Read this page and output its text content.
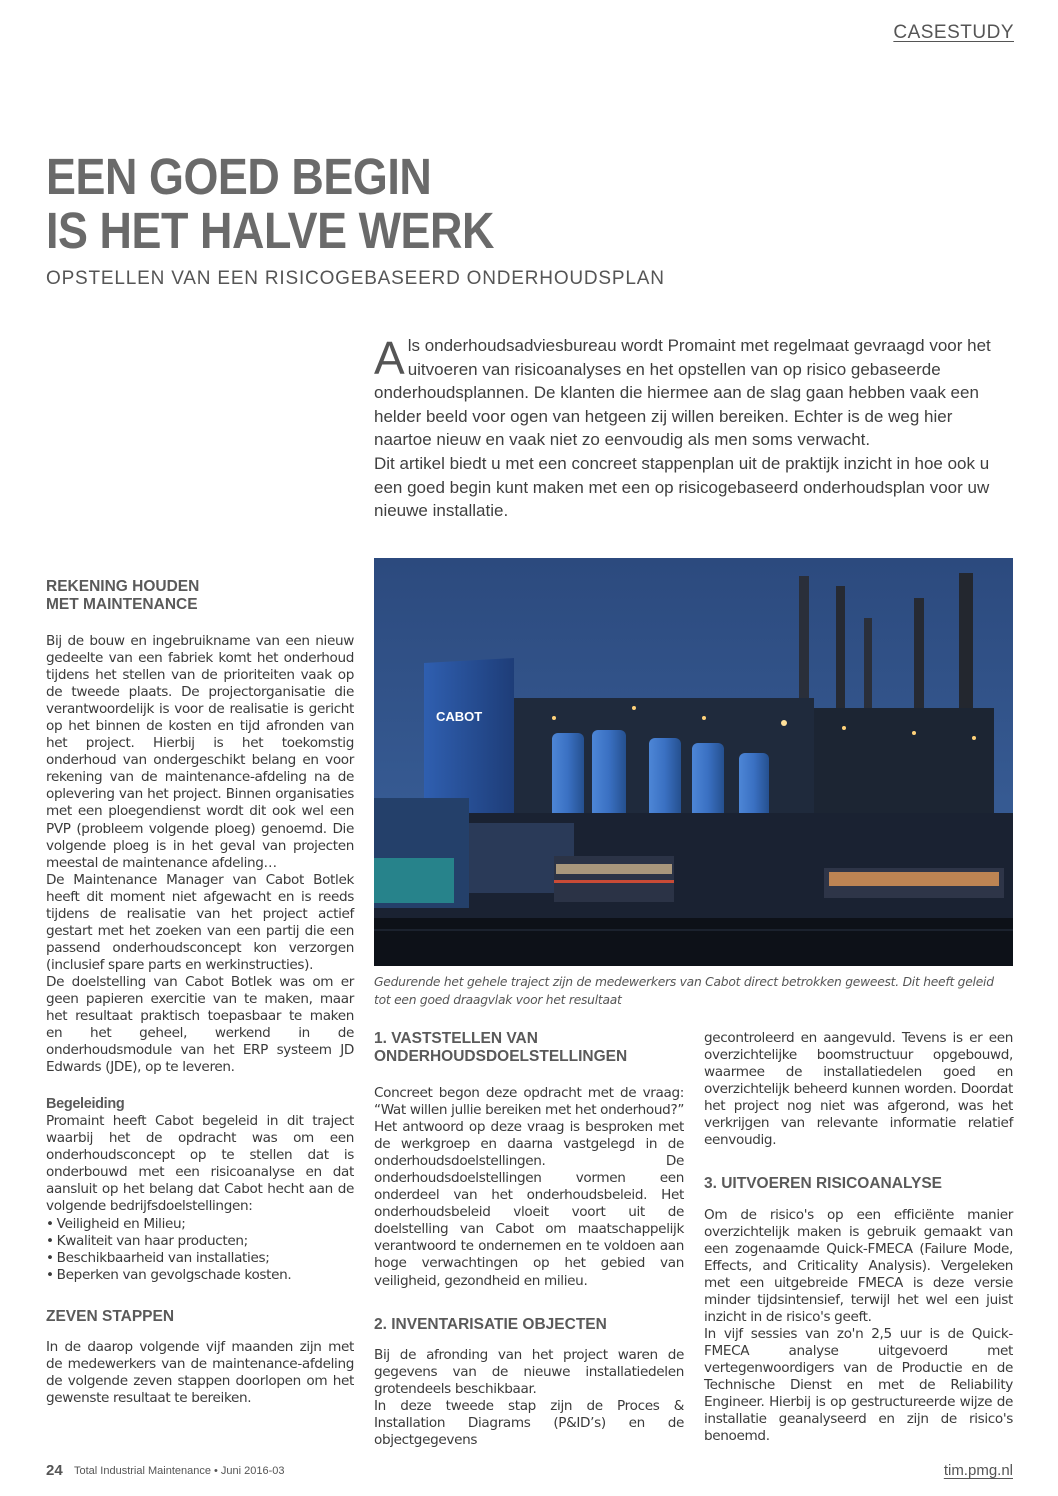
CASESTUDY
EEN GOED BEGIN
IS HET HALVE WERK
OPSTELLEN VAN EEN RISICOGEBASEERD ONDERHOUDSPLAN
A ls onderhoudsadviesbureau wordt Promaint met regelmaat gevraagd voor het uitvoeren van risicoanalyses en het opstellen van op risico gebaseerde onderhoudsplannen. De klanten die hiermee aan de slag gaan hebben vaak een helder beeld voor ogen van hetgeen zij willen bereiken. Echter is de weg hier naartoe nieuw en vaak niet zo eenvoudig als men soms verwacht.

Dit artikel biedt u met een concreet stappenplan uit de praktijk inzicht in hoe ook u een goed begin kunt maken met een op risicogebaseerd onderhoudsplan voor uw nieuwe installatie.

REKENING HOUDEN MET MAINTENANCE

Bij de bouw en ingebruikname van een nieuw gedeelte van een fabriek komt het onderhoud tijdens het stellen van de prioriteiten vaak op de tweede plaats. De projectorganisatie die verantwoordelijk is voor de realisatie is gericht op het binnen de kosten en tijd afronden van het project. Hierbij is het toekomstig onderhoud van ondergeschikt belang en voor rekening van de maintenance-afdeling na de oplevering van het project. Binnen organisaties met een ploegendienst wordt dit ook wel een PVP (probleem volgende ploeg) genoemd. Die volgende ploeg is in het geval van projecten meestal de maintenance afdeling…

De Maintenance Manager van Cabot Botlek heeft dit moment niet afgewacht en is reeds tijdens de realisatie van het project actief gestart met het zoeken van een partij die een passend onderhoudsconcept kon verzorgen (inclusief spare parts en werkinstructies).

De doelstelling van Cabot Botlek was om er geen papieren exercitie van te maken, maar het resultaat praktisch toepasbaar te maken en het geheel, werkend in de onderhoudsmodule van het ERP systeem JD Edwards (JDE), op te leveren.

Begeleiding

Promaint heeft Cabot begeleid in dit traject waarbij het de opdracht was om een onderhoudsconcept op te stellen dat is onderbouwd met een risicoanalyse en dat aansluit op het belang dat Cabot hecht aan de volgende bedrijfsdoelstellingen:

• Veiligheid en Milieu;
• Kwaliteit van haar producten;
• Beschikbaarheid van installaties;
• Beperken van gevolgschade kosten.
ZEVEN STAPPEN

In de daarop volgende vijf maanden zijn met de medewerkers van de maintenance-afdeling de volgende zeven stappen doorlopen om het gewenste resultaat te bereiken.

CABOT
Gedurende het gehele traject zijn de medewerkers van Cabot direct betrokken geweest. Dit heeft geleid tot een goed draagvlak voor het resultaat
1. VASTSTELLEN VAN ONDERHOUDSDOELSTELLINGEN

Concreet begon deze opdracht met de vraag: “Wat willen jullie bereiken met het onderhoud?” Het antwoord op deze vraag is besproken met de werkgroep en daarna vastgelegd in de onderhoudsdoelstellingen. De onderhoudsdoelstellingen vormen een onderdeel van het onderhoudsbeleid. Het onderhoudsbeleid vloeit voort uit de doelstelling van Cabot om maatschappelijk verantwoord te ondernemen en te voldoen aan hoge verwachtingen op het gebied van veiligheid, gezondheid en milieu.

2. INVENTARISATIE OBJECTEN

Bij de afronding van het project waren de gegevens van de nieuwe installatiedelen grotendeels beschikbaar.

In deze tweede stap zijn de Proces & Installation Diagrams (P&ID’s) en de objectgegevens

gecontroleerd en aangevuld. Tevens is er een overzichtelijke boomstructuur opgebouwd, waarmee de installatiedelen goed en overzichtelijk beheerd kunnen worden. Doordat het project nog niet was afgerond, was het verkrijgen van relevante informatie relatief eenvoudig.

3. UITVOEREN RISICOANALYSE

Om de risico's op een efficiënte manier overzichtelijk maken is gebruik gemaakt van een zogenaamde Quick-FMECA (Failure Mode, Effects, and Criticality Analysis). Vergeleken met een uitgebreide FMECA is deze versie minder tijdsintensief, terwijl het wel een juist inzicht in de risico's geeft.

In vijf sessies van zo'n 2,5 uur is de Quick-FMECA analyse uitgevoerd met vertegenwoordigers van de Productie en de Technische Dienst en met de Reliability Engineer. Hierbij is op gestructureerde wijze de installatie geanalyseerd en zijn de risico's benoemd.

24 Total Industrial Maintenance • Juni 2016-03	tim.pmg.nl
